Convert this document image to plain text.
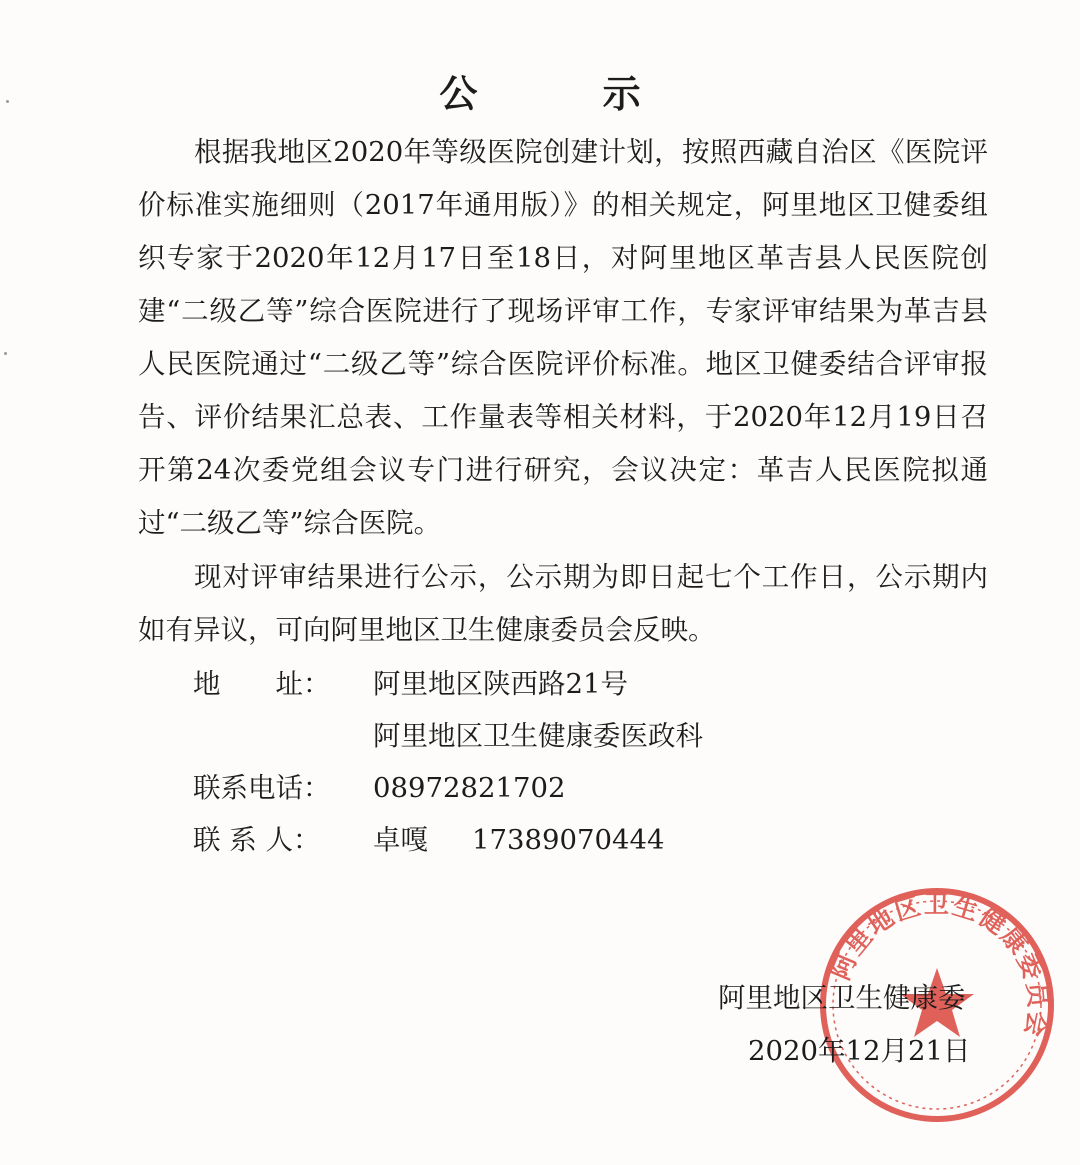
公 示

根据我地区2020年等级医院创建计划，按照西藏自治区《医院评价标准实施细则（2017年通用版）》的相关规定，阿里地区卫健委组织专家于2020年12月17日至18日，对阿里地区革吉县人民医院创建“二级乙等”综合医院进行了现场评审工作，专家评审结果为革吉县人民医院通过“二级乙等”综合医院评价标准。地区卫健委结合评审报告、评价结果汇总表、工作量表等相关材料，于2020年12月19日召开第24次委党组会议专门进行研究，会议决定：革吉人民医院拟通过“二级乙等”综合医院。

现对评审结果进行公示，公示期为即日起七个工作日，公示期内如有异议，可向阿里地区卫生健康委员会反映。

地　　址： 阿里地区陕西路21号
阿里地区卫生健康委医政科
联系电话： 08972821702
联 系 人： 卓嘎 17389070444
阿里地区卫生健康委员会
阿里地区卫生健康委
2020年12月21日
